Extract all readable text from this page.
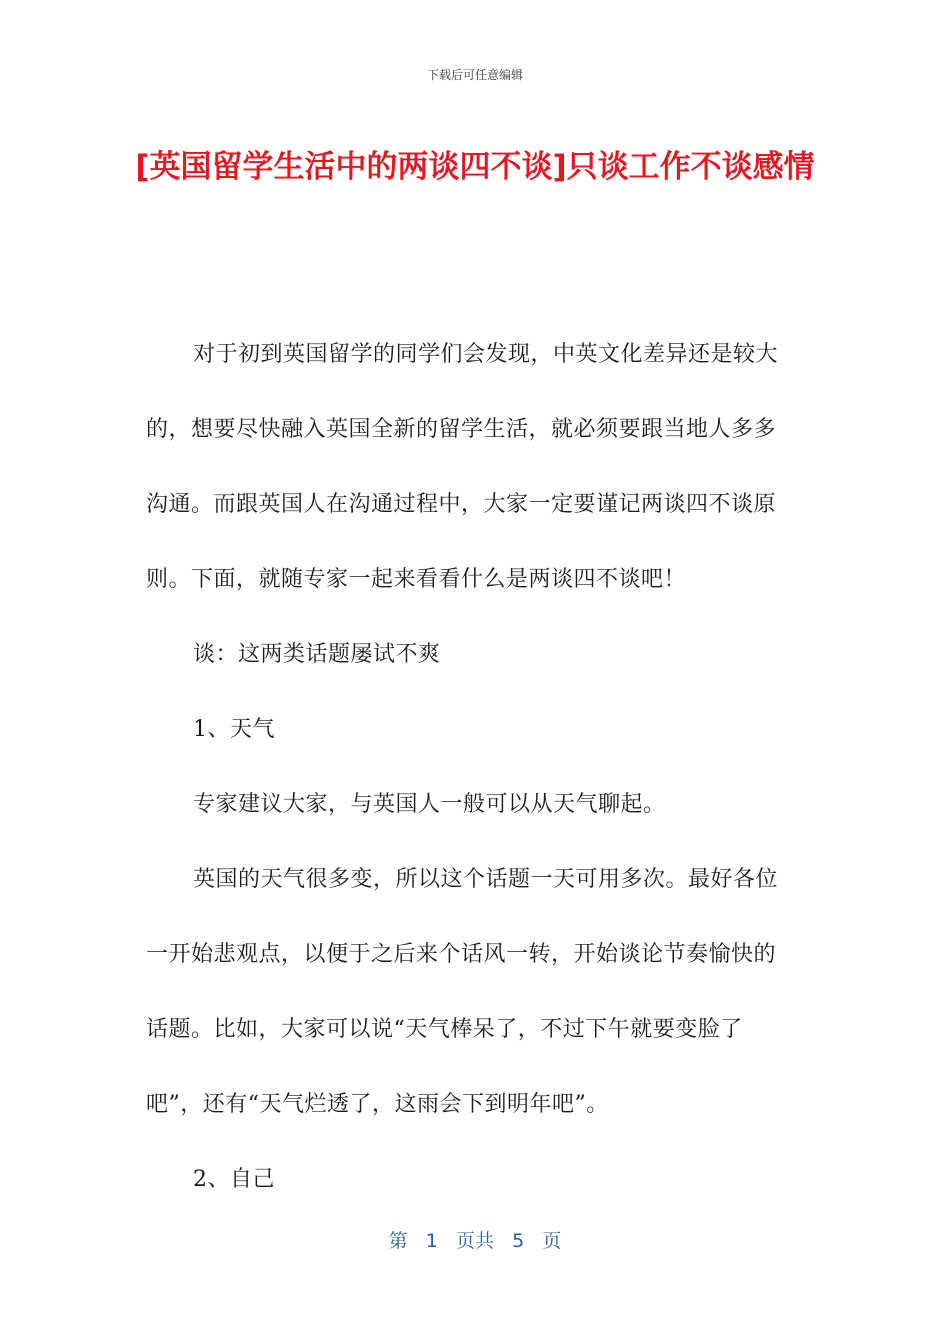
下载后可任意编辑
[英国留学生活中的两谈四不谈]只谈工作不谈感情

对于初到英国留学的同学们会发现，中英文化差异还是较大的，想要尽快融入英国全新的留学生活，就必须要跟当地人多多沟通。而跟英国人在沟通过程中，大家一定要谨记两谈四不谈原则。下面，就随专家一起来看看什么是两谈四不谈吧！

谈：这两类话题屡试不爽

1、天气

专家建议大家，与英国人一般可以从天气聊起。

英国的天气很多变，所以这个话题一天可用多次。最好各位一开始悲观点，以便于之后来个话风一转，开始谈论节奏愉快的话题。比如，大家可以说“天气棒呆了，不过下午就要变脸了吧”，还有“天气烂透了，这雨会下到明年吧”。

2、自己

第 1 页共 5 页
